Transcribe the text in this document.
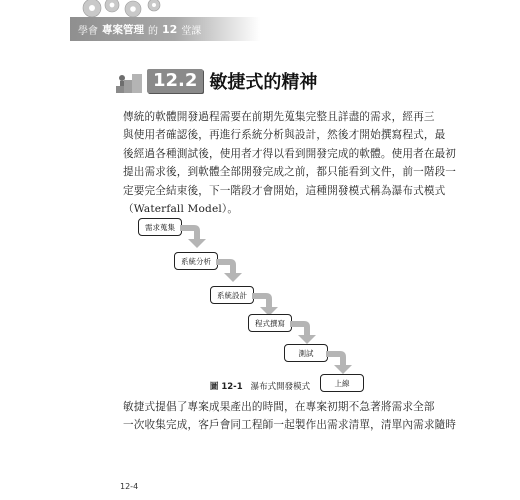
學會 專案管理 的 12 堂課
12.2 敏捷式的精神

傳統的軟體開發過程需要在前期先蒐集完整且詳盡的需求，經再三
與使用者確認後，再進行系統分析與設計，然後才開始撰寫程式，最
後經過各種測試後，使用者才得以看到開發完成的軟體。使用者在最初
提出需求後，到軟體全部開發完成之前，都只能看到文件，前一階段一
定要完全結束後，下一階段才會開始，這種開發模式稱為瀑布式模式
（Waterfall Model）。

需求蒐集
系統分析
系統設計
程式撰寫
測試
上線
圖 12-1 瀑布式開發模式

敏捷式提倡了專案成果產出的時間，在專案初期不急著將需求全部
一次收集完成，客戶會同工程師一起製作出需求清單，清單內需求隨時

12-4
